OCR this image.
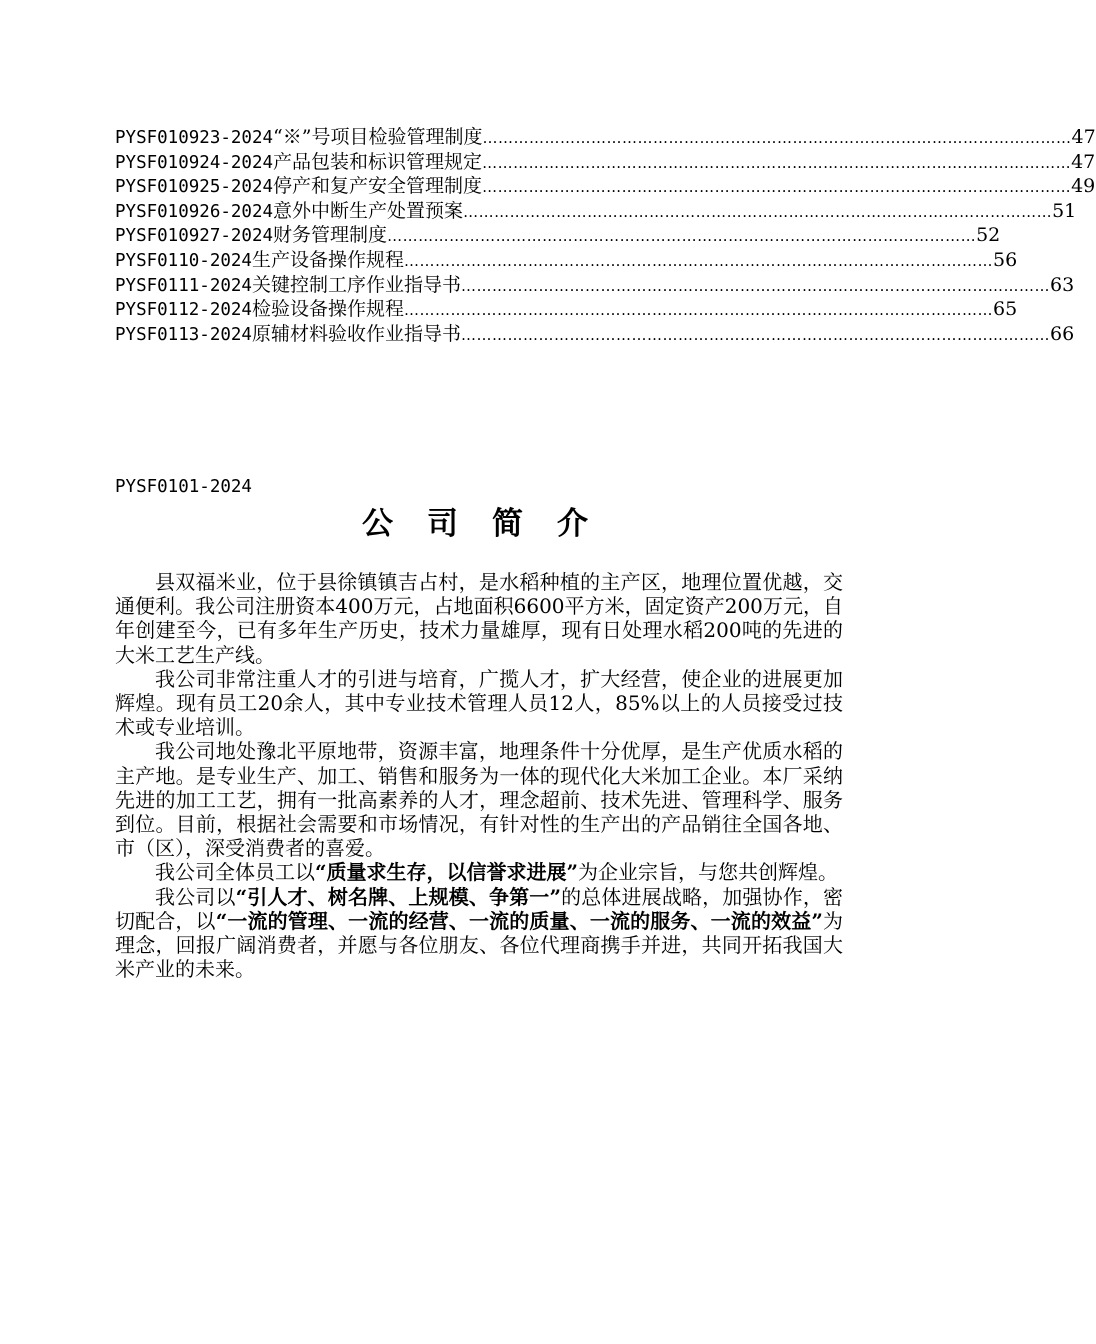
PYSF010923-2024 “※”号项目检验管理制度 …………………………………………………………………………………………………… 47
PYSF010924-2024 产品包装和标识管理规定 …………………………………………………………………………………………………… 47
PYSF010925-2024 停产和复产安全管理制度 …………………………………………………………………………………………………… 49
PYSF010926-2024 意外中断生产处置预案 …………………………………………………………………………………………………… 51
PYSF010927-2024 财务管理制度 …………………………………………………………………………………………………… 52
PYSF0110-2024 生产设备操作规程 …………………………………………………………………………………………………… 56
PYSF0111-2024 关键控制工序作业指导书 …………………………………………………………………………………………………… 63
PYSF0112-2024 检验设备操作规程 …………………………………………………………………………………………………… 65
PYSF0113-2024 原辅材料验收作业指导书 …………………………………………………………………………………………………… 66
PYSF0101-2024
公司简介

县双福米业，位于县徐镇镇吉占村，是水稻种植的主产区，地理位置优越，交通便利。我公司注册资本400万元，占地面积6600平方米，固定资产200万元，自年创建至今，已有多年生产历史，技术力量雄厚，现有日处理水稻200吨的先进的大米工艺生产线。

我公司非常注重人才的引进与培育，广揽人才，扩大经营，使企业的进展更加辉煌。现有员工20余人，其中专业技术管理人员12人，85%以上的人员接受过技术或专业培训。

我公司地处豫北平原地带，资源丰富，地理条件十分优厚，是生产优质水稻的主产地。是专业生产、加工、销售和服务为一体的现代化大米加工企业。本厂采纳先进的加工工艺，拥有一批高素养的人才，理念超前、技术先进、管理科学、服务到位。目前，根据社会需要和市场情况，有针对性的生产出的产品销往全国各地、市（区），深受消费者的喜爱。

我公司全体员工以“质量求生存，以信誉求进展”为企业宗旨，与您共创辉煌。

我公司以“引人才、树名牌、上规模、争第一”的总体进展战略，加强协作，密切配合，以“一流的管理、一流的经营、一流的质量、一流的服务、一流的效益”为理念，回报广阔消费者，并愿与各位朋友、各位代理商携手并进，共同开拓我国大米产业的未来。
